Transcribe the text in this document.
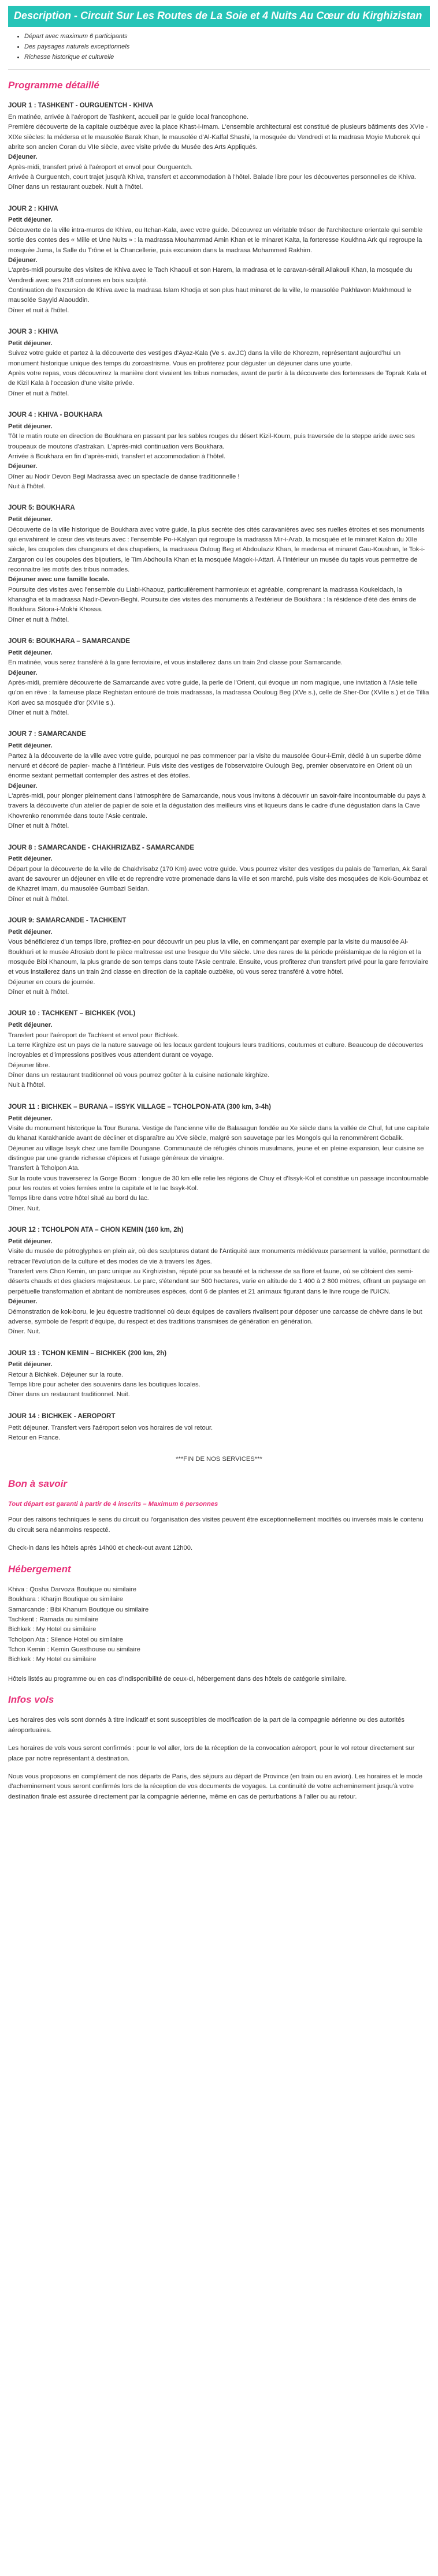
Description - Circuit Sur Les Routes de La Soie et 4 Nuits Au Cœur du Kirghizistan
• Départ avec maximum 6 participants
• Des paysages naturels exceptionnels
• Richesse historique et culturelle
Programme détaillé

JOUR 1 : TASHKENT - OURGUENTCH - KHIVA

En matinée, arrivée à l'aéroport de Tashkent, accueil par le guide local francophone.

Première découverte de la capitale ouzbèque avec la place Khast-i-Imam. L'ensemble architectural est constitué de plusieurs bâtiments des XVIe - XIXe siècles: la médersa et le mausolée Barak Khan, le mausolée d'Al-Kaffal Shashi, la mosquée du Vendredi et la madrasa Moyie Muborek qui abrite son ancien Coran du VIIe siècle, avec visite privée du Musée des Arts Appliqués.

Déjeuner.

Après-midi, transfert privé à l'aéroport et envol pour Ourguentch.

Arrivée à Ourguentch, court trajet jusqu'à Khiva, transfert et accommodation à l'hôtel. Balade libre pour les découvertes personnelles de Khiva.

Dîner dans un restaurant ouzbek. Nuit à l'hôtel.

JOUR 2 : KHIVA

Petit déjeuner.

Découverte de la ville intra-muros de Khiva, ou Itchan-Kala, avec votre guide. Découvrez un véritable trésor de l'architecture orientale qui semble sortie des contes des « Mille et Une Nuits » : la madrassa Mouhammad Amin Khan et le minaret Kalta, la forteresse Koukhna Ark qui regroupe la mosquée Juma, la Salle du Trône et la Chancellerie, puis excursion dans la madrasa Mohammed Rakhim.

Déjeuner.

L'après-midi poursuite des visites de Khiva avec le Tach Khaouli et son Harem, la madrasa et le caravan-sérail Allakouli Khan, la mosquée du Vendredi avec ses 218 colonnes en bois sculpté.

Continuation de l'excursion de Khiva avec la madrasa Islam Khodja et son plus haut minaret de la ville, le mausolée Pakhlavon Makhmoud le mausolée Sayyid Alaouddin.

Dîner et nuit à l'hôtel.

JOUR 3 : KHIVA

Petit déjeuner.

Suivez votre guide et partez à la découverte des vestiges d'Ayaz-Kala (Ve s. av.JC) dans la ville de Khorezm, représentant aujourd'hui un monument historique unique des temps du zoroastrisme. Vous en profiterez pour déguster un déjeuner dans une yourte.

Après votre repas, vous découvrirez la manière dont vivaient les tribus nomades, avant de partir à la découverte des forteresses de Toprak Kala et de Kizil Kala à l'occasion d'une visite privée.

Dîner et nuit à l'hôtel.

JOUR 4 : KHIVA - BOUKHARA

Petit déjeuner.

Tôt le matin route en direction de Boukhara en passant par les sables rouges du désert Kizil-Koum, puis traversée de la steppe aride avec ses troupeaux de moutons d'astrakan. L'après-midi continuation vers Boukhara.

Arrivée à Boukhara en fin d'après-midi, transfert et accommodation à l'hôtel.

Déjeuner.

Dîner au Nodir Devon Begi Madrassa avec un spectacle de danse traditionnelle !

Nuit à l'hôtel.

JOUR 5: BOUKHARA

Petit déjeuner.

Découverte de la ville historique de Boukhara avec votre guide, la plus secrète des cités caravanières avec ses ruelles étroites et ses monuments qui envahirent le cœur des visiteurs avec : l'ensemble Po-i-Kalyan qui regroupe la madrassa Mir-i-Arab, la mosquée et le minaret Kalon du XIIe siècle, les coupoles des changeurs et des chapeliers, la madrassa Ouloug Beg et Abdoulaziz Khan, le medersa et minaret Gau-Koushan, le Tok-i-Zargaron ou les coupoles des bijoutiers, le Tim Abdhoulla Khan et la mosquée Magok-i-Attari. À l'intérieur un musée du tapis vous permettre de reconnaitre les motifs des tribus nomades.

Déjeuner avec une famille locale.

Poursuite des visites avec l'ensemble du Liabi-Khaouz, particulièrement harmonieux et agréable, comprenant la madrassa Koukeldach, la khanagha et la madrassa Nadir-Devon-Beghi. Poursuite des visites des monuments à l'extérieur de Boukhara : la résidence d'été des émirs de Boukhara Sitora-i-Mokhi Khossa.

Dîner et nuit à l'hôtel.

JOUR 6: BOUKHARA – SAMARCANDE

Petit déjeuner.

En matinée, vous serez transféré à la gare ferroviaire, et vous installerez dans un train 2nd classe pour Samarcande.

Déjeuner.

Après-midi, première découverte de Samarcande avec votre guide, la perle de l'Orient, qui évoque un nom magique, une invitation à l'Asie telle qu'on en rêve : la fameuse place Reghistan entouré de trois madrassas, la madrassa Oouloug Beg (XVe s.), celle de Sher-Dor (XVIIe s.) et de Tillia Kori avec sa mosquée d'or (XVIIe s.).

Dîner et nuit à l'hôtel.

JOUR 7 : SAMARCANDE

Petit déjeuner.

Partez à la découverte de la ville avec votre guide, pourquoi ne pas commencer par la visite du mausolée Gour-i-Emir, dédié à un superbe dôme nervuré et décoré de papier- mache à l'intérieur. Puis visite des vestiges de l'observatoire Oulough Beg, premier observatoire en Orient où un énorme sextant permettait contempler des astres et des étoiles.

Déjeuner.

L'après-midi, pour plonger pleinement dans l'atmosphère de Samarcande, nous vous invitons à découvrir un savoir-faire incontournable du pays à travers la découverte d'un atelier de papier de soie et la dégustation des meilleurs vins et liqueurs dans le cadre d'une dégustation dans la Cave Khovrenko renommée dans toute l'Asie centrale.

Dîner et nuit à l'hôtel.

JOUR 8 : SAMARCANDE - CHAKHRIZABZ - SAMARCANDE

Petit déjeuner.

Départ pour la découverte de la ville de Chakhrisabz (170 Km) avec votre guide. Vous pourrez visiter des vestiges du palais de Tamerlan, Ak Saraï avant de savourer un déjeuner en ville et de reprendre votre promenade dans la ville et son marché, puis visite des mosquées de Kok-Goumbaz et de Khazret Imam, du mausolée Gumbazi Seidan.

Dîner et nuit à l'hôtel.

JOUR 9: SAMARCANDE - TACHKENT

Petit déjeuner.

Vous bénéficierez d'un temps libre, profitez-en pour découvrir un peu plus la ville, en commençant par exemple par la visite du mausolée Al-Boukhari et le musée Afrosiab dont le pièce maîtresse est une fresque du VIIe siècle. Une des rares de la période préislamique de la région et la mosquée Bibi Khanoum, la plus grande de son temps dans toute l'Asie centrale. Ensuite, vous profiterez d'un transfert privé pour la gare ferroviaire et vous installerez dans un train 2nd classe en direction de la capitale ouzbèke, où vous serez transféré à votre hôtel.

Déjeuner en cours de journée.

Dîner et nuit à l'hôtel.

JOUR 10 : TACHKENT – BICHKEK (VOL)

Petit déjeuner.

Transfert pour l'aéroport de Tachkent et envol pour Bichkek.

La terre Kirghize est un pays de la nature sauvage où les locaux gardent toujours leurs traditions, coutumes et culture. Beaucoup de découvertes incroyables et d'impressions positives vous attendent durant ce voyage.

Déjeuner libre.

Dîner dans un restaurant traditionnel où vous pourrez goûter à la cuisine nationale kirghize.

Nuit à l'hôtel.

JOUR 11 : BICHKEK – BURANA – ISSYK VILLAGE – TCHOLPON-ATA (300 km, 3-4h)

Petit déjeuner.

Visite du monument historique la Tour Burana. Vestige de l'ancienne ville de Balasagun fondée au Xe siècle dans la vallée de Chuï, fut une capitale du khanat Karakhanide avant de décliner et disparaître au XVe siècle, malgré son sauvetage par les Mongols qui la renommèrent Gobalik.

Déjeuner au village Issyk chez une famille Doungane. Communauté de réfugiés chinois musulmans, jeune et en pleine expansion, leur cuisine se distingue par une grande richesse d'épices et l'usage généreux de vinaigre.

Transfert à Tcholpon Ata.

Sur la route vous traverserez la Gorge Boom : longue de 30 km elle relie les régions de Chuy et d'Issyk-Kol et constitue un passage incontournable pour les routes et voies ferrées entre la capitale et le lac Issyk-Kol.

Temps libre dans votre hôtel situé au bord du lac.

Dîner. Nuit.

JOUR 12 : TCHOLPON ATA – CHON KEMIN (160 km, 2h)

Petit déjeuner.

Visite du musée de pétroglyphes en plein air, où des sculptures datant de l'Antiquité aux monuments médiévaux parsement la vallée, permettant de retracer l'évolution de la culture et des modes de vie à travers les âges.

Transfert vers Chon Kemin, un parc unique au Kirghizistan, réputé pour sa beauté et la richesse de sa flore et faune, où se côtoient des semi-déserts chauds et des glaciers majestueux. Le parc, s'étendant sur 500 hectares, varie en altitude de 1 400 à 2 800 mètres, offrant un paysage en perpétuelle transformation et abritant de nombreuses espèces, dont 6 de plantes et 21 animaux figurant dans le livre rouge de l'UICN.

Déjeuner.

Démonstration de kok-boru, le jeu équestre traditionnel où deux équipes de cavaliers rivalisent pour déposer une carcasse de chèvre dans le but adverse, symbole de l'esprit d'équipe, du respect et des traditions transmises de génération en génération.

Dîner. Nuit.

JOUR 13 : TCHON KEMIN – BICHKEK (200 km, 2h)

Petit déjeuner.

Retour à Bichkek. Déjeuner sur la route.

Temps libre pour acheter des souvenirs dans les boutiques locales.

Dîner dans un restaurant traditionnel. Nuit.

JOUR 14 : BICHKEK - AEROPORT

Petit déjeuner. Transfert vers l'aéroport selon vos horaires de vol retour.

Retour en France.

***FIN DE NOS SERVICES***

Bon à savoir

Tout départ est garanti à partir de 4 inscrits – Maximum 6 personnes

Pour des raisons techniques le sens du circuit ou l'organisation des visites peuvent être exceptionnellement modifiés ou inversés mais le contenu du circuit sera néanmoins respecté.

Check-in dans les hôtels après 14h00 et check-out avant 12h00.

Hébergement

Khiva : Qosha Darvoza Boutique ou similaire

Boukhara : Kharjin Boutique ou similaire

Samarcande : Bibi Khanum Boutique ou similaire

Tachkent : Ramada ou similaire

Bichkek : My Hotel ou similaire

Tcholpon Ata : Silence Hotel ou similaire

Tchon Kemin : Kemin Guesthouse ou similaire

Bichkek : My Hotel ou similaire

Hôtels listés au programme ou en cas d'indisponibilité de ceux-ci, hébergement dans des hôtels de catégorie similaire.

Infos vols

Les horaires des vols sont donnés à titre indicatif et sont susceptibles de modification de la part de la compagnie aérienne ou des autorités aéroportuaires.

Les horaires de vols vous seront confirmés : pour le vol aller, lors de la réception de la convocation aéroport, pour le vol retour directement sur place par notre représentant à destination.

Nous vous proposons en complément de nos départs de Paris, des séjours au départ de Province (en train ou en avion). Les horaires et le mode d'acheminement vous seront confirmés lors de la réception de vos documents de voyages. La continuité de votre acheminement jusqu'à votre destination finale est assurée directement par la compagnie aérienne, même en cas de perturbations à l'aller ou au retour.
